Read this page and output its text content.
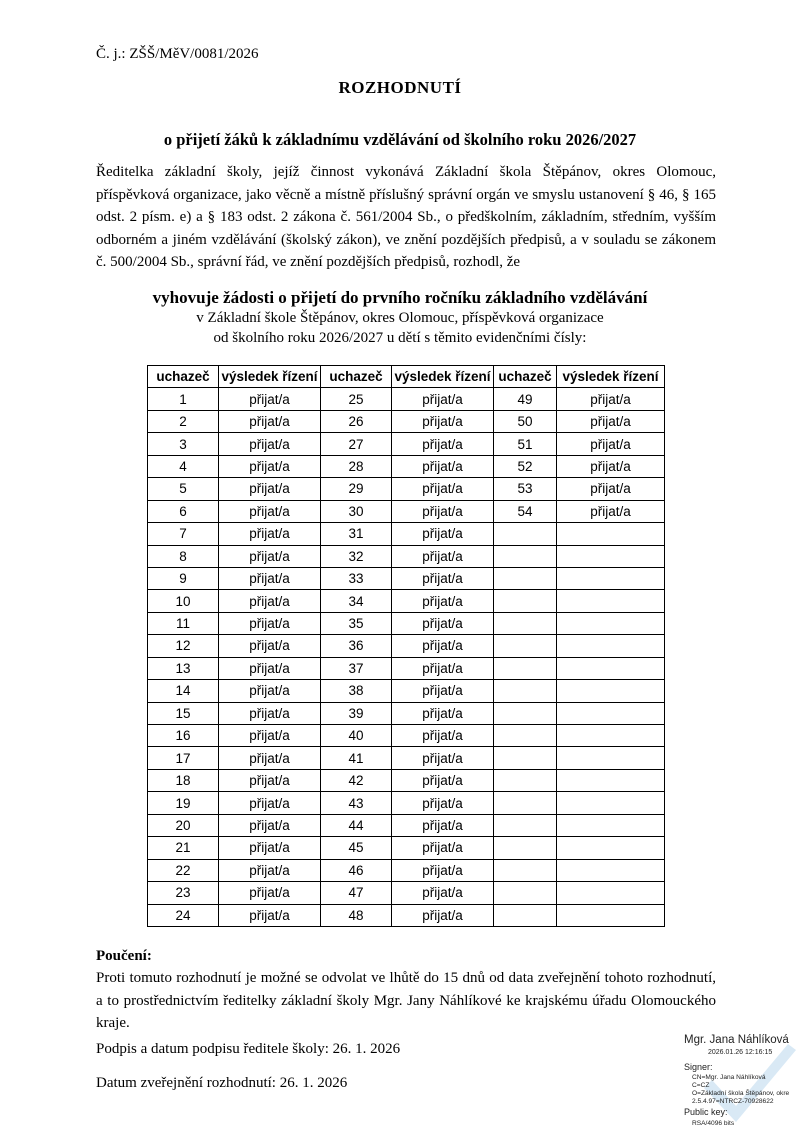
Č. j.: ZŠŠ/MěV/0081/2026
ROZHODNUTÍ
o přijetí žáků k základnímu vzdělávání od školního roku 2026/2027
Ředitelka základní školy, jejíž činnost vykonává Základní škola Štěpánov, okres Olomouc, příspěvková organizace, jako věcně a místně příslušný správní orgán ve smyslu ustanovení § 46, § 165 odst. 2 písm. e) a § 183 odst. 2 zákona č. 561/2004 Sb., o předškolním, základním, středním, vyšším odborném a jiném vzdělávání (školský zákon), ve znění pozdějších předpisů, a v souladu se zákonem č. 500/2004 Sb., správní řád, ve znění pozdějších předpisů, rozhodl, že
vyhovuje žádosti o přijetí do prvního ročníku základního vzdělávání
v Základní škole Štěpánov, okres Olomouc, příspěvková organizace
od školního roku 2026/2027 u dětí s těmito evidenčními čísly:
uchazeč	výsledek řízení	uchazeč	výsledek řízení	uchazeč	výsledek řízení
1	přijat/a	25	přijat/a	49	přijat/a
2	přijat/a	26	přijat/a	50	přijat/a
3	přijat/a	27	přijat/a	51	přijat/a
4	přijat/a	28	přijat/a	52	přijat/a
5	přijat/a	29	přijat/a	53	přijat/a
6	přijat/a	30	přijat/a	54	přijat/a
7	přijat/a	31	přijat/a		
8	přijat/a	32	přijat/a		
9	přijat/a	33	přijat/a		
10	přijat/a	34	přijat/a		
11	přijat/a	35	přijat/a		
12	přijat/a	36	přijat/a		
13	přijat/a	37	přijat/a		
14	přijat/a	38	přijat/a		
15	přijat/a	39	přijat/a		
16	přijat/a	40	přijat/a		
17	přijat/a	41	přijat/a		
18	přijat/a	42	přijat/a		
19	přijat/a	43	přijat/a		
20	přijat/a	44	přijat/a		
21	přijat/a	45	přijat/a		
22	přijat/a	46	přijat/a		
23	přijat/a	47	přijat/a		
24	přijat/a	48	přijat/a		
Poučení:
Proti tomuto rozhodnutí je možné se odvolat ve lhůtě do 15 dnů od data zveřejnění tohoto rozhodnutí, a to prostřednictvím ředitelky základní školy Mgr. Jany Náhlíkové ke krajskému úřadu Olomouckého kraje.
Podpis a datum podpisu ředitele školy: 26. 1. 2026
Datum zveřejnění rozhodnutí: 26. 1. 2026
Mgr. Jana Náhlíková
2026.01.26 12:16:15
Signer:
CN=Mgr. Jana Náhlíková
C=CZ
O=Základní škola Štěpánov, okre
2.5.4.97=NTRCZ-70928622
Public key:
RSA/4096 bits
